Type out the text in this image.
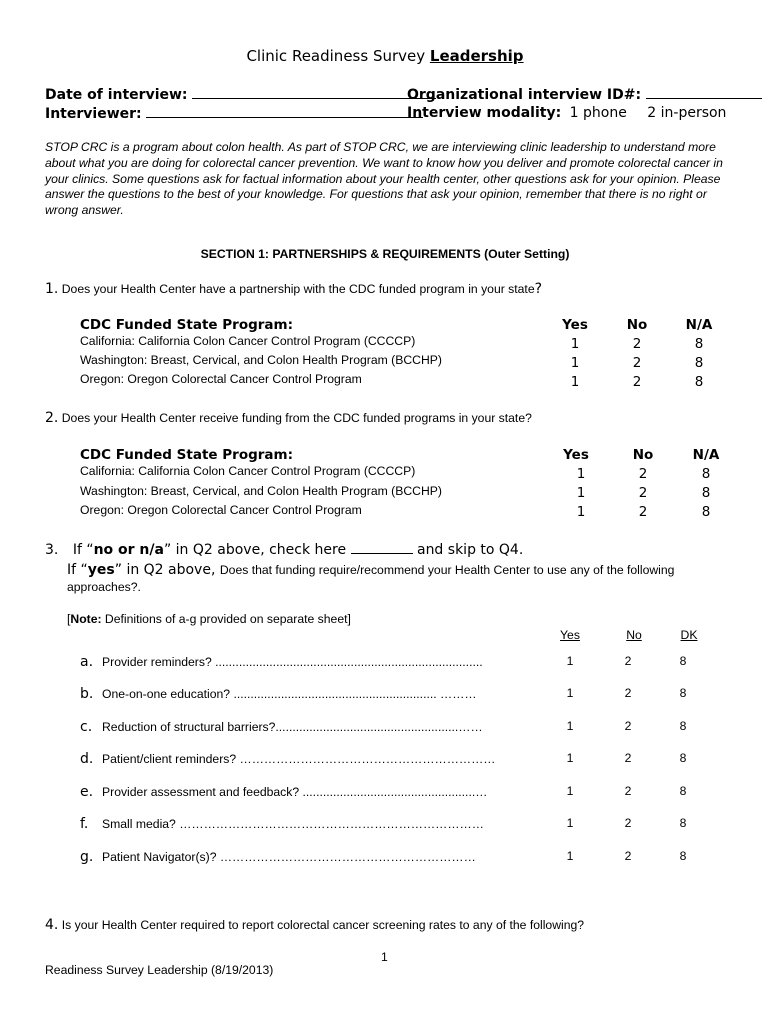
Clinic Readiness Survey Leadership
Date of interview:	Organizational interview ID#:
Interviewer:	Interview modality: 1 phone 2 in-person
STOP CRC is a program about colon health. As part of STOP CRC, we are interviewing clinic leadership to understand more about what you are doing for colorectal cancer prevention. We want to know how you deliver and promote colorectal cancer in your clinics. Some questions ask for factual information about your health center, other questions ask for your opinion. Please answer the questions to the best of your knowledge. For questions that ask your opinion, remember that there is no right or wrong answer.
SECTION 1: PARTNERSHIPS & REQUIREMENTS (Outer Setting)
1. Does your Health Center have a partnership with the CDC funded program in your state?
CDC Funded State Program:	Yes	No	N/A
California: California Colon Cancer Control Program (CCCCP)	1	2	8
Washington: Breast, Cervical, and Colon Health Program (BCCHP)	1	2	8
Oregon: Oregon Colorectal Cancer Control Program	1	2	8
2. Does your Health Center receive funding from the CDC funded programs in your state?
CDC Funded State Program:	Yes	No	N/A
California: California Colon Cancer Control Program (CCCCP)	1	2	8
Washington: Breast, Cervical, and Colon Health Program (BCCHP)	1	2	8
Oregon: Oregon Colorectal Cancer Control Program	1	2	8
3. If “no or n/a” in Q2 above, check here	and skip to Q4.
If “yes” in Q2 above, Does that funding require/recommend your Health Center to use any of the following
approaches?.
[Note: Definitions of a-g provided on separate sheet]
Yes	No	DK
a. Provider reminders? ...............................................................................	1	2	8
b. One-on-one education? ............................................................ ………	1	2	8
c. Reduction of structural barriers?......................................................……	1	2	8
d. Patient/client reminders? ………………………………………………………	1	2	8
e. Provider assessment and feedback? ...................................................…	1	2	8
f. Small media? …………………………………………………………………	1	2	8
g. Patient Navigator(s)? ………………………………………………………	1	2	8
4. Is your Health Center required to report colorectal cancer screening rates to any of the following?
1
Readiness Survey Leadership (8/19/2013)
